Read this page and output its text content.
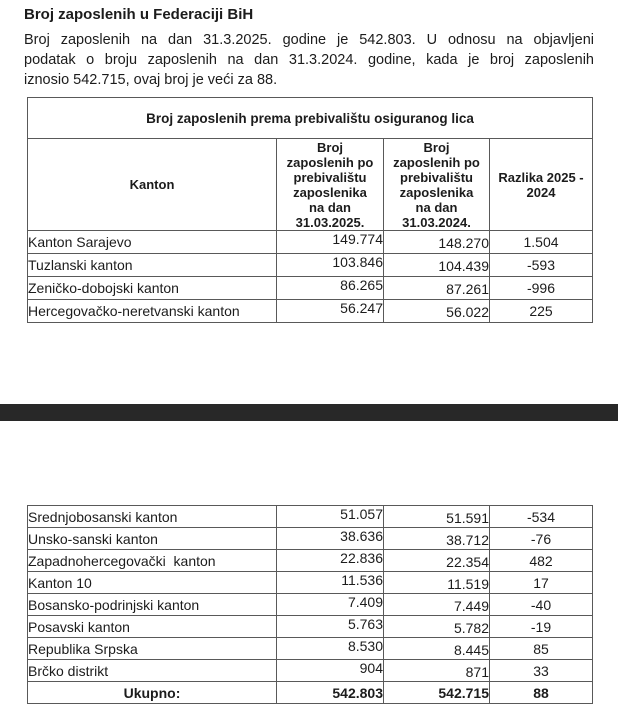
Broj zaposlenih u Federaciji BiH
Broj zaposlenih na dan 31.3.2025. godine je 542.803. U odnosu na objavljeni
podatak o broju zaposlenih na dan 31.3.2024. godine, kada je broj zaposlenih
iznosio 542.715, ovaj broj je veći za 88.
Broj zaposlenih prema prebivalištu osiguranog lica			
Kanton	Broj
zaposlenih po
prebivalištu
zaposlenika
na dan
31.03.2025.	Broj
zaposlenih po
prebivalištu
zaposlenika
na dan
31.03.2024.	Razlika 2025 -
2024
Kanton Sarajevo	149.774	148.270	1.504
Tuzlanski kanton	103.846	104.439	-593
Zeničko-dobojski kanton	86.265	87.261	-996
Hercegovačko-neretvanski kanton	56.247	56.022	225
Srednjobosanski kanton	51.057	51.591	-534
Unsko-sanski kanton	38.636	38.712	-76
Zapadnohercegovački  kanton	22.836	22.354	482
Kanton 10	11.536	11.519	17
Bosansko-podrinjski kanton	7.409	7.449	-40
Posavski kanton	5.763	5.782	-19
Republika Srpska	8.530	8.445	85
Brčko distrikt	904	871	33
Ukupno:	542.803	542.715	88
